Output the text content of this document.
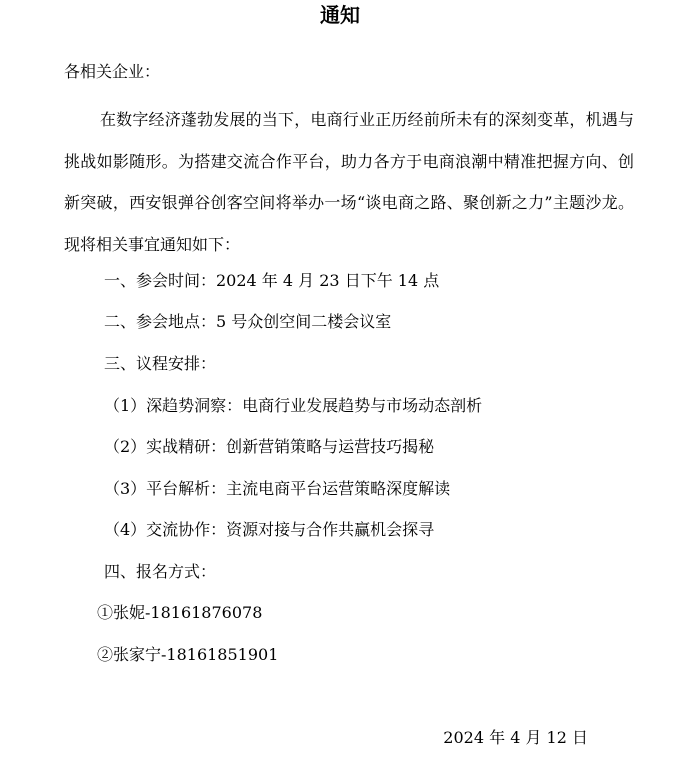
通知

各相关企业：

在数字经济蓬勃发展的当下，电商行业正历经前所未有的深刻变革，机遇与挑战如影随形。为搭建交流合作平台，助力各方于电商浪潮中精准把握方向、创新突破，西安银弹谷创客空间将举办一场“谈电商之路、聚创新之力”主题沙龙。现将相关事宜通知如下：

一、参会时间：2024 年 4 月 23 日下午 14 点

二、参会地点：5 号众创空间二楼会议室

三、议程安排：

（1）深趋势洞察：电商行业发展趋势与市场动态剖析

（2）实战精研：创新营销策略与运营技巧揭秘

（3）平台解析：主流电商平台运营策略深度解读

（4）交流协作：资源对接与合作共赢机会探寻

四、报名方式：

①张妮-18161876078

②张家宁-18161851901

2024 年 4 月 12 日
